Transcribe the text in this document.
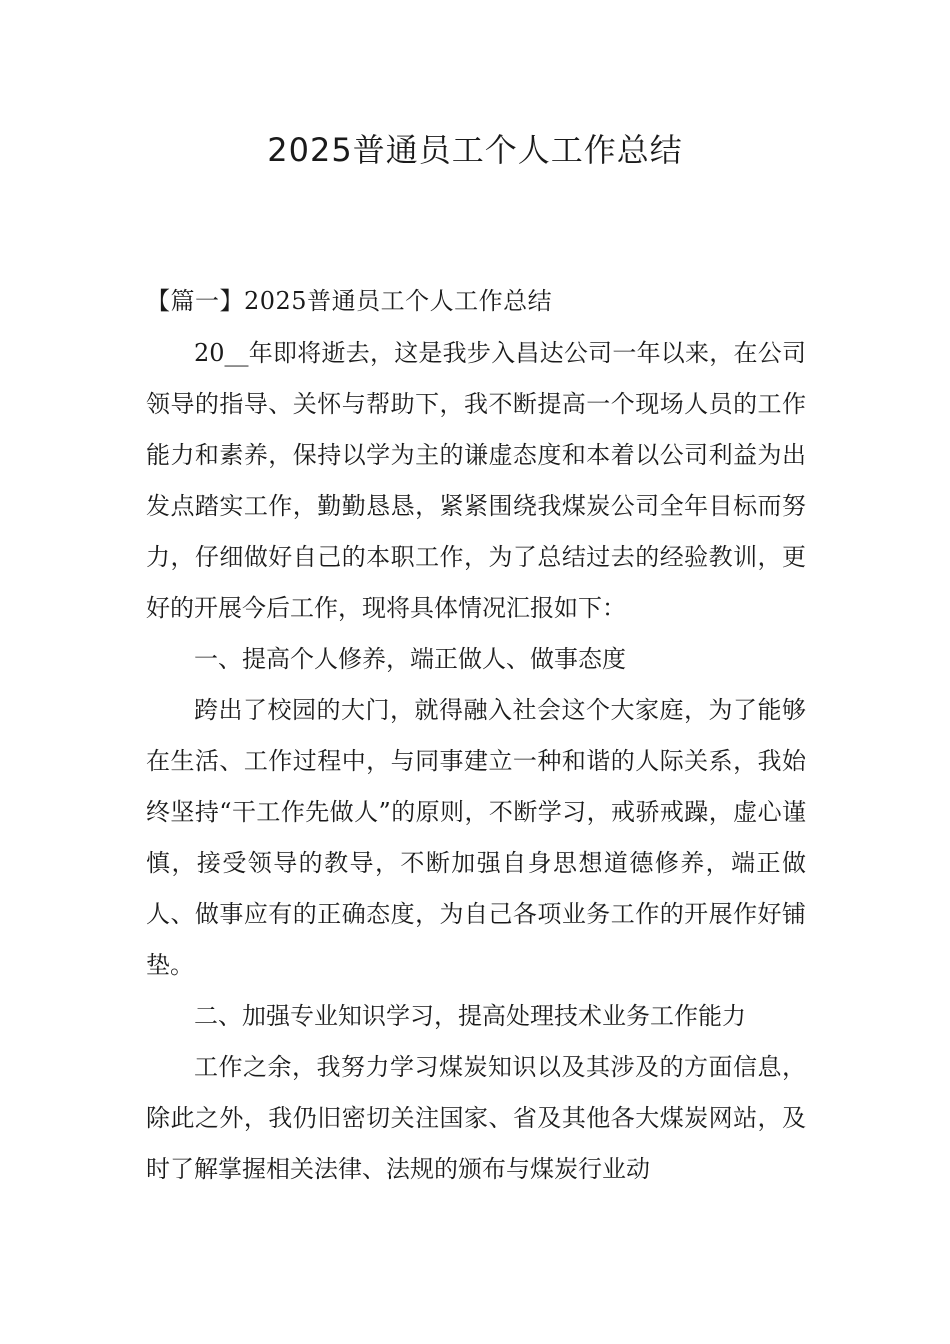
2025普通员工个人工作总结

【篇一】2025普通员工个人工作总结

20__年即将逝去，这是我步入昌达公司一年以来，在公司领导的指导、关怀与帮助下，我不断提高一个现场人员的工作能力和素养，保持以学为主的谦虚态度和本着以公司利益为出发点踏实工作，勤勤恳恳，紧紧围绕我煤炭公司全年目标而努力，仔细做好自己的本职工作，为了总结过去的经验教训，更好的开展今后工作，现将具体情况汇报如下：

一、提高个人修养，端正做人、做事态度

跨出了校园的大门，就得融入社会这个大家庭，为了能够在生活、工作过程中，与同事建立一种和谐的人际关系，我始终坚持“干工作先做人”的原则，不断学习，戒骄戒躁，虚心谨慎，接受领导的教导，不断加强自身思想道德修养，端正做人、做事应有的正确态度，为自己各项业务工作的开展作好铺垫。

二、加强专业知识学习，提高处理技术业务工作能力

工作之余，我努力学习煤炭知识以及其涉及的方面信息，除此之外，我仍旧密切关注国家、省及其他各大煤炭网站，及时了解掌握相关法律、法规的颁布与煤炭行业动
